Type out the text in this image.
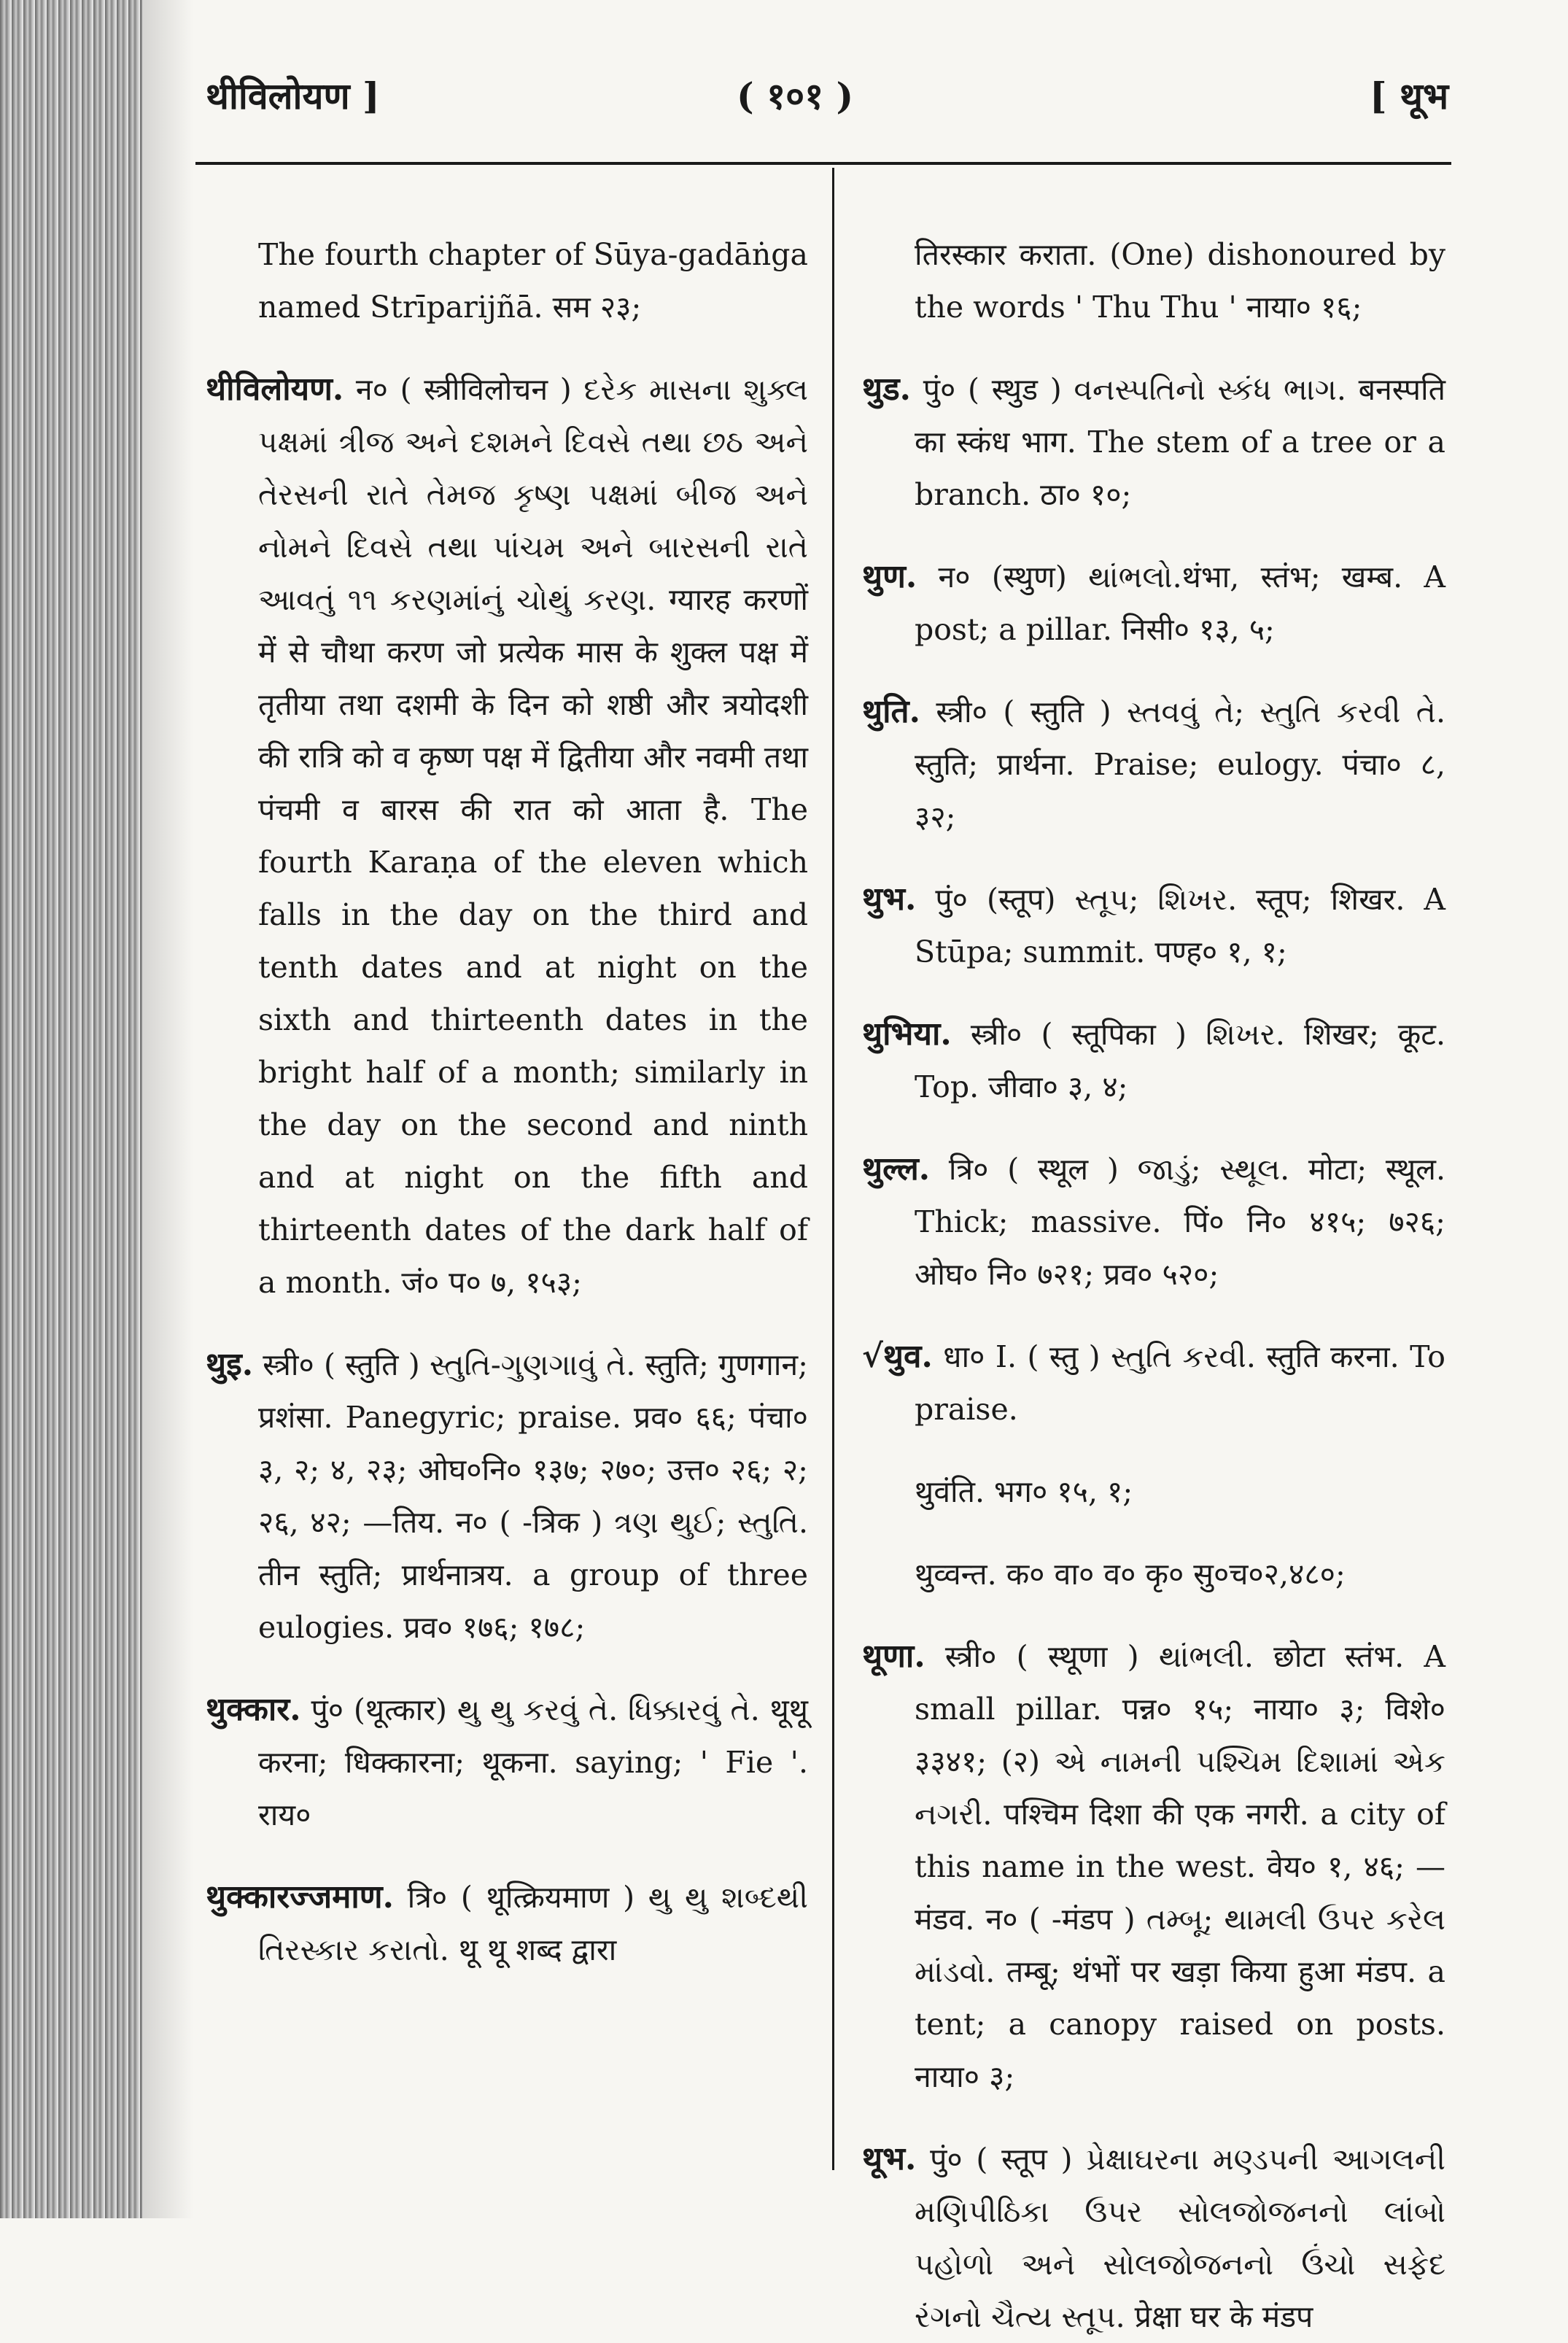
थीविलोयण ]	( १०१ )	[ थूभ

The fourth chapter of Sūya-gadāṅga named Strīparijñā. सम २३;

थीविलोयण. न० ( स्त्रीविलोचन ) દરેક માસના શુક્લ પક્ષમાં ત્રીજ અને દશમને દિવસે તથા છઠ અને તેરસની રાતે તેમજ કૃષ્ણ પક્ષમાં બીજ અને નોમને દિવસે તથા પાંચમ અને બારસની રાતે આવતું ૧૧ કરણમાંનું ચોથું કરણ. ग्यारह करणों में से चौथा करण जो प्रत्येक मास के शुक्ल पक्ष में तृतीया तथा दशमी के दिन को शष्ठी और त्रयोदशी की रात्रि को व कृष्ण पक्ष में द्वितीया और नवमी तथा पंचमी व बारस की रात को आता है. The fourth Karaṇa of the eleven which falls in the day on the third and tenth dates and at night on the sixth and thirteenth dates in the bright half of a month; similarly in the day on the second and ninth and at night on the fifth and thirteenth dates of the dark half of a month. जं० प० ७, १५३;

थुइ. स्त्री० ( स्तुति ) સ્તુતિ-ગુણગાવું તે. स्तुति; गुणगान; प्रशंसा. Panegyric; praise. प्रव० ६६; पंचा० ३, २; ४, २३; ओघ०नि० १३७; २७०; उत्त० २६; २; २६, ४२; —तिय. न० ( -त्रिक ) ત્રણ થુઈ; સ્તુતિ. तीन स्तुति; प्रार्थनात्रय. a group of three eulogies. प्रव० १७६; १७८;

थुक्कार. पुं० (थूत्कार) થુ થુ કરવું તે. ધિક્કારવું તે. थूथू करना; धिक्कारना; थूकना. saying; ' Fie '. राय०

थुक्कारज्जमाण. त्रि० ( थूत्क्रियमाण ) થુ થુ શબ્દથી તિરસ્કાર કરાતો. थू थू शब्द द्वारा

तिरस्कार कराता. (One) dishonoured by the words ' Thu Thu ' नाया० १६;

थुड. पुं० ( स्थुड ) વનસ્પતિનો સ્કંધ ભાગ. बनस्पति का स्कंध भाग. The stem of a tree or a branch. ठा० १०;

थुण. न० (स्थुण) થાંભલો.थंभा, स्तंभ; खम्ब. A post; a pillar. निसी० १३, ५;

थुति. स्त्री० ( स्तुति ) સ્તવવું તે; સ્તુતિ કરવી તે. स्तुति; प्रार्थना. Praise; eulogy. पंचा० ८, ३२;

थुभ. पुं० (स्तूप) સ્તૂપ; શિખર. स्तूप; शिखर. A Stūpa; summit. पण्ह० १, १;

थुभिया. स्त्री० ( स्तूपिका ) શિખર. शिखर; कूट. Top. जीवा० ३, ४;

थुल्ल. त्रि० ( स्थूल ) જાડું; સ્થૂલ. मोटा; स्थूल. Thick; massive. पिं० नि० ४१५; ७२६; ओघ० नि० ७२१; प्रव० ५२०;

√थुव. धा० I. ( स्तु ) સ્તુતિ કરવી. स्तुति करना. To praise.

थुवंति. भग० १५, १;

थुव्वन्त. क० वा० व० कृ० सु०च०२,४८०;

थूणा. स्त्री० ( स्थूणा ) થાંભલી. छोटा स्तंभ. A small pillar. पन्न० १५; नाया० ३; विशे० ३३४१; (२) એ નામની પશ્ચિમ દિશામાં એક નગરી. पश्चिम दिशा की एक नगरी. a city of this name in the west. वेय० १, ४६; —मंडव. न० ( -मंडप ) તમ્બૂ; થામલી ઉપર કરેલ માંડવો. तम्बू; थंभों पर खड़ा किया हुआ मंडप. a tent; a canopy raised on posts. नाया० ३;

थूभ. पुं० ( स्तूप ) પ્રેક્ષાઘરના મણ્ડપની આગલની મણિપીઠિકા ઉપર સોલજોજનનો લાંબો પહોળો અને સોલજોજનનો ઉંચો સફેદ રંગનો ચૈત્ય સ્તૂપ. प्रेक्षा घर के मंडप
